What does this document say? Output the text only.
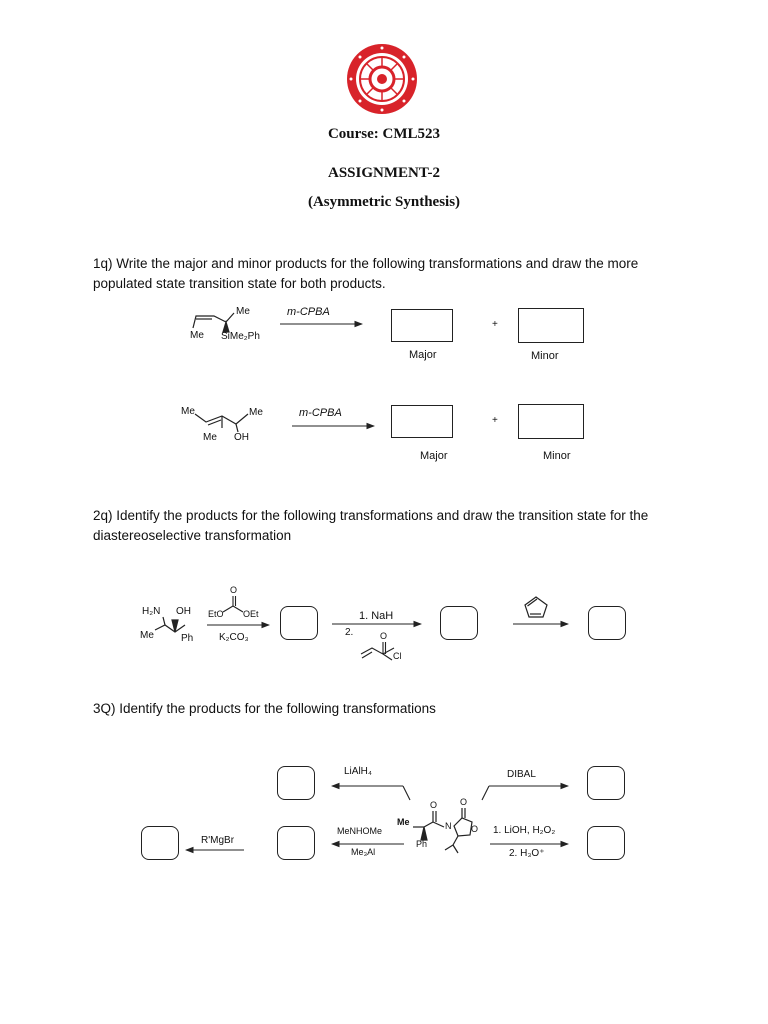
Course: CML523
ASSIGNMENT-2
(Asymmetric Synthesis)
1q) Write the major and minor products for the following transformations and draw the more populated state transition state for both products.
Me
Me SiMe₂Ph
m-CPBA
+
Major	Minor
Me	Me
Me OH
m-CPBA
+
Major	Minor
2q) Identify the products for the following transformations and draw the transition state for the diastereoselective transformation
H₂N OH
Me	Ph
O
EtO OEt
K₂CO₃
1. NaH
2.	O
Cl
3Q) Identify the products for the following transformations
LiAlH₄	DIBAL
R'MgBr
MeNHOMe
Me₃Al
Me
Ph
O
N
O
O 1. LiOH, H₂O₂
2. H₃O⁺
